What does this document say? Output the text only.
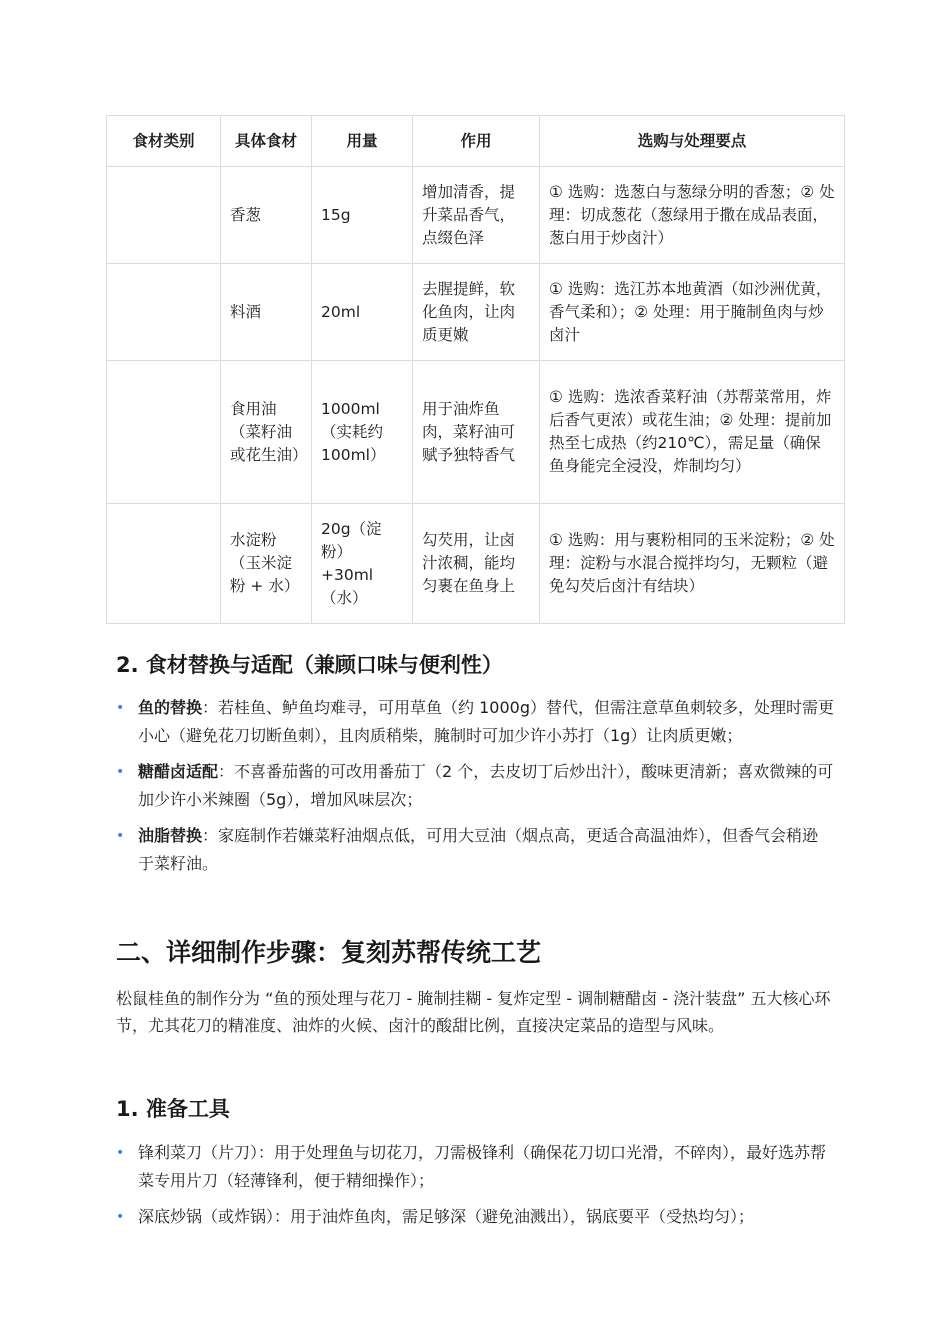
食材类别	具体食材	用量	作用	选购与处理要点
	香葱	15g	增加清香，提升菜品香气，点缀色泽	① 选购：选葱白与葱绿分明的香葱；② 处理：切成葱花（葱绿用于撒在成品表面，葱白用于炒卤汁）
	料酒	20ml	去腥提鲜，软化鱼肉，让肉质更嫩	① 选购：选江苏本地黄酒（如沙洲优黄，香气柔和）；② 处理：用于腌制鱼肉与炒卤汁
	食用油（菜籽油或花生油）	1000ml（实耗约100ml）	用于油炸鱼肉，菜籽油可赋予独特香气	① 选购：选浓香菜籽油（苏帮菜常用，炸后香气更浓）或花生油；② 处理：提前加热至七成热（约210℃），需足量（确保鱼身能完全浸没，炸制均匀）
	水淀粉（玉米淀粉 + 水）	20g（淀粉）+30ml（水）	勾芡用，让卤汁浓稠，能均匀裹在鱼身上	① 选购：用与裹粉相同的玉米淀粉；② 处理：淀粉与水混合搅拌均匀，无颗粒（避免勾芡后卤汁有结块）
2. 食材替换与适配（兼顾口味与便利性）
• 鱼的替换：若桂鱼、鲈鱼均难寻，可用草鱼（约 1000g）替代，但需注意草鱼刺较多，处理时需更小心（避免花刀切断鱼刺），且肉质稍柴，腌制时可加少许小苏打（1g）让肉质更嫩；
• 糖醋卤适配：不喜番茄酱的可改用番茄丁（2 个，去皮切丁后炒出汁），酸味更清新；喜欢微辣的可加少许小米辣圈（5g），增加风味层次；
• 油脂替换：家庭制作若嫌菜籽油烟点低，可用大豆油（烟点高，更适合高温油炸），但香气会稍逊于菜籽油。
二、详细制作步骤：复刻苏帮传统工艺

松鼠桂鱼的制作分为 “鱼的预处理与花刀 - 腌制挂糊 - 复炸定型 - 调制糖醋卤 - 浇汁装盘” 五大核心环节，尤其花刀的精准度、油炸的火候、卤汁的酸甜比例，直接决定菜品的造型与风味。

1. 准备工具
• 锋利菜刀（片刀）：用于处理鱼与切花刀，刀需极锋利（确保花刀切口光滑，不碎肉），最好选苏帮菜专用片刀（轻薄锋利，便于精细操作）；
• 深底炒锅（或炸锅）：用于油炸鱼肉，需足够深（避免油溅出），锅底要平（受热均匀）；
